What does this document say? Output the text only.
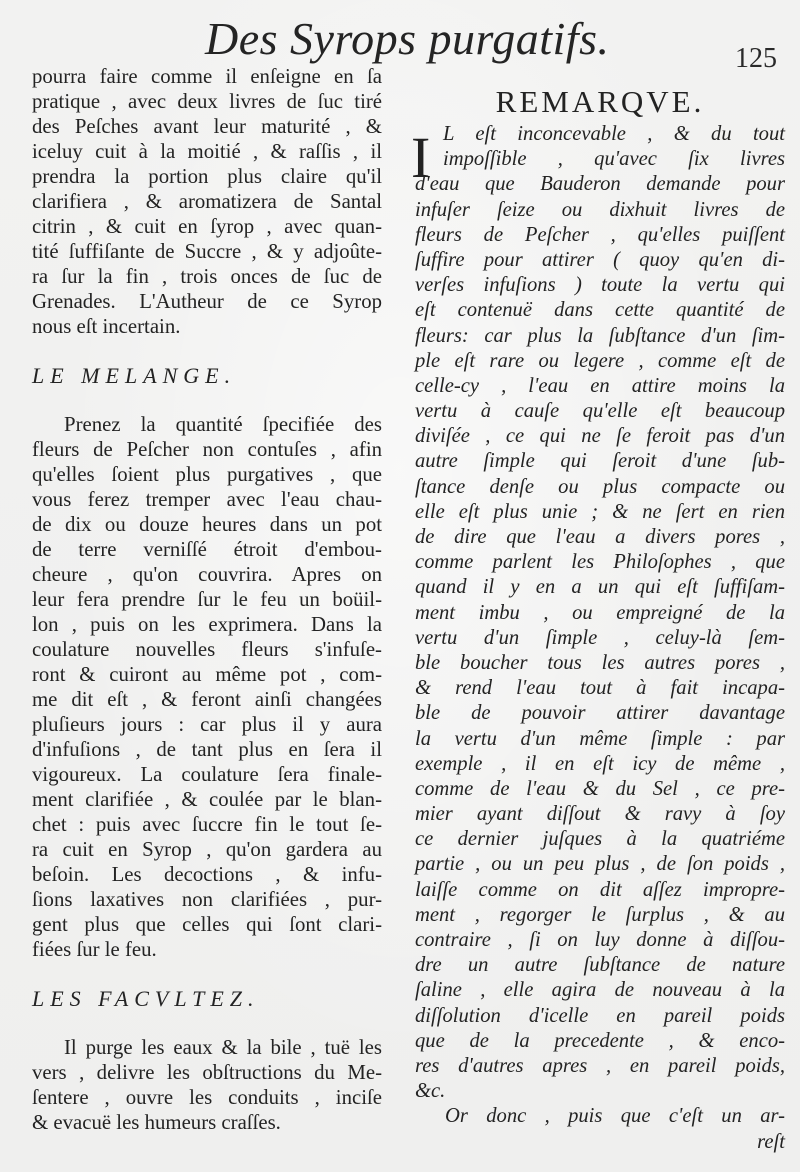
Des Syrops purgatifs.	125
pourra faire comme il enſeigne en ſa
pratique , avec deux livres de ſuc tiré
des Peſches avant leur maturité , &
iceluy cuit à la moitié , & raſſis , il
prendra la portion plus claire qu'il
clarifiera , & aromatizera de Santal
citrin , & cuit en ſyrop , avec quan-
tité ſuffiſante de Succre , & y adjoûte-
ra ſur la fin , trois onces de ſuc de
Grenades. L'Autheur de ce Syrop
nous eſt incertain.
LE MELANGE.
Prenez la quantité ſpecifiée des
fleurs de Peſcher non contuſes , afin
qu'elles ſoient plus purgatives , que
vous ferez tremper avec l'eau chau-
de dix ou douze heures dans un pot
de terre verniſſé étroit d'embou-
cheure , qu'on couvrira. Apres on
leur fera prendre ſur le feu un boüil-
lon , puis on les exprimera. Dans la
coulature nouvelles fleurs s'infuſe-
ront & cuiront au même pot , com-
me dit eſt , & feront ainſi changées
pluſieurs jours : car plus il y aura
d'infuſions , de tant plus en ſera il
vigoureux. La coulature ſera finale-
ment clarifiée , & coulée par le blan-
chet : puis avec ſuccre fin le tout ſe-
ra cuit en Syrop , qu'on gardera au
beſoin. Les decoctions , & infu-
ſions laxatives non clarifiées , pur-
gent plus que celles qui ſont clari-
fiées ſur le feu.
LES FACVLTEZ.
Il purge les eaux & la bile , tuë les
vers , delivre les obſtructions du Me-
ſentere , ouvre les conduits , inciſe
& evacuë les humeurs craſſes.
REMARQVE.
I L eſt inconcevable , & du tout
impoſſible , qu'avec ſix livres
d'eau que Bauderon demande pour
infuſer ſeize ou dixhuit livres de
fleurs de Peſcher , qu'elles puiſſent
ſuffire pour attirer ( quoy qu'en di-
verſes infuſions ) toute la vertu qui
eſt contenuë dans cette quantité de
fleurs: car plus la ſubſtance d'un ſim-
ple eſt rare ou legere , comme eſt de
celle-cy , l'eau en attire moins la
vertu à cauſe qu'elle eſt beaucoup
diviſée , ce qui ne ſe feroit pas d'un
autre ſimple qui ſeroit d'une ſub-
ſtance denſe ou plus compacte ou
elle eſt plus unie ; & ne ſert en rien
de dire que l'eau a divers pores ,
comme parlent les Philoſophes , que
quand il y en a un qui eſt ſuffiſam-
ment imbu , ou empreigné de la
vertu d'un ſimple , celuy-là ſem-
ble boucher tous les autres pores ,
& rend l'eau tout à fait incapa-
ble de pouvoir attirer davantage
la vertu d'un même ſimple : par
exemple , il en eſt icy de même ,
comme de l'eau & du Sel , ce pre-
mier ayant diſſout & ravy à ſoy
ce dernier juſques à la quatriéme
partie , ou un peu plus , de ſon poids ,
laiſſe comme on dit aſſez impropre-
ment , regorger le ſurplus , & au
contraire , ſi on luy donne à diſſou-
dre un autre ſubſtance de nature
ſaline , elle agira de nouveau à la
diſſolution d'icelle en pareil poids
que de la precedente , & enco-
res d'autres apres , en pareil poids,
&c.
Or donc , puis que c'eſt un ar-
reſt
